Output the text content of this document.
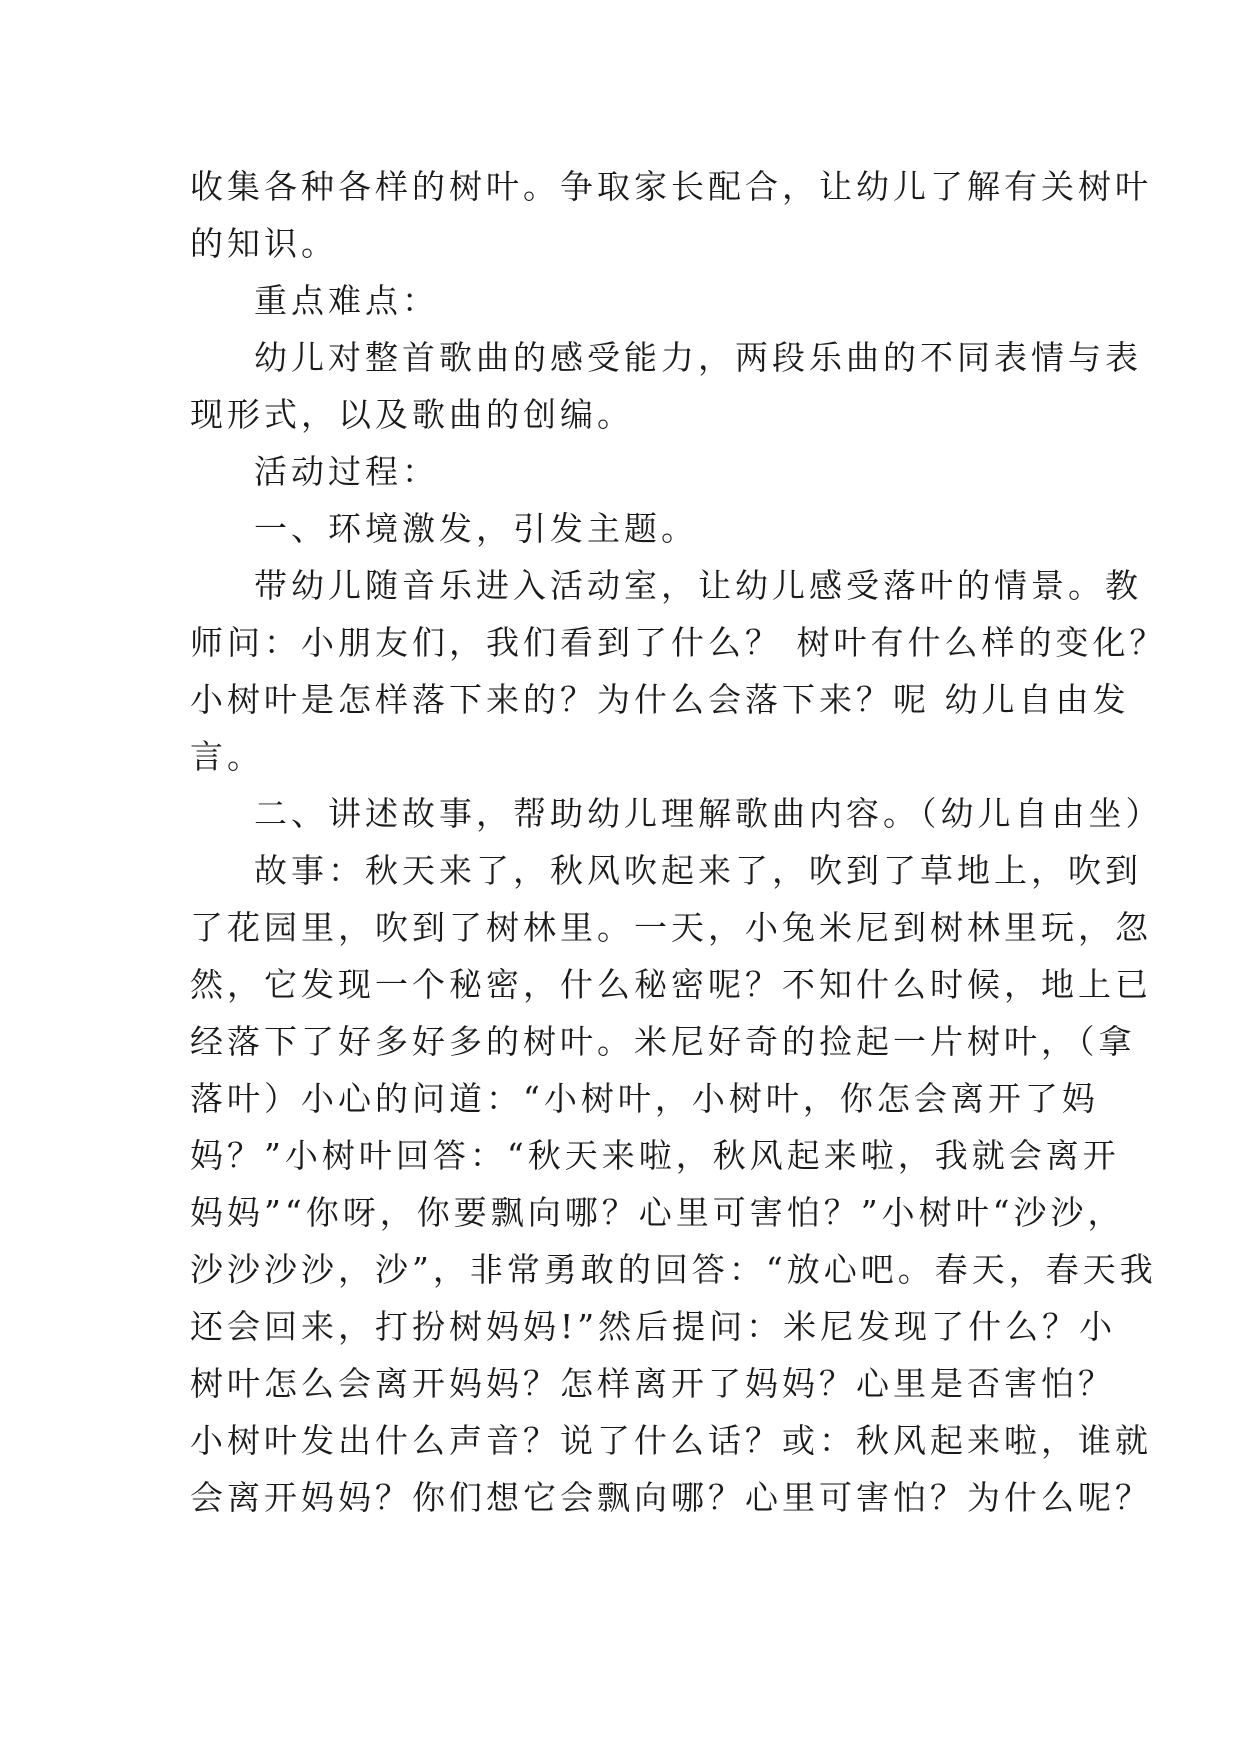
收集各种各样的树叶。争取家长配合，让幼儿了解有关树叶
的知识。
重点难点：
幼儿对整首歌曲的感受能力，两段乐曲的不同表情与表
现形式，以及歌曲的创编。
活动过程：
一、环境激发，引发主题。
带幼儿随音乐进入活动室，让幼儿感受落叶的情景。教
师问：小朋友们，我们看到了什么？ 树叶有什么样的变化？
小树叶是怎样落下来的？为什么会落下来？呢 幼儿自由发
言。
二、讲述故事，帮助幼儿理解歌曲内容。（幼儿自由坐）
故事：秋天来了，秋风吹起来了，吹到了草地上，吹到
了花园里，吹到了树林里。一天，小兔米尼到树林里玩，忽
然，它发现一个秘密，什么秘密呢？不知什么时候，地上已
经落下了好多好多的树叶。米尼好奇的捡起一片树叶，（拿
落叶）小心的问道：“小树叶，小树叶，你怎会离开了妈
妈？”小树叶回答：“秋天来啦，秋风起来啦，我就会离开
妈妈”“你呀，你要飘向哪？心里可害怕？”小树叶“沙沙，
沙沙沙沙，沙”，非常勇敢的回答：“放心吧。春天，春天我
还会回来，打扮树妈妈!”然后提问：米尼发现了什么？小
树叶怎么会离开妈妈？怎样离开了妈妈？心里是否害怕？
小树叶发出什么声音？说了什么话？或：秋风起来啦，谁就
会离开妈妈？你们想它会飘向哪？心里可害怕？为什么呢？
